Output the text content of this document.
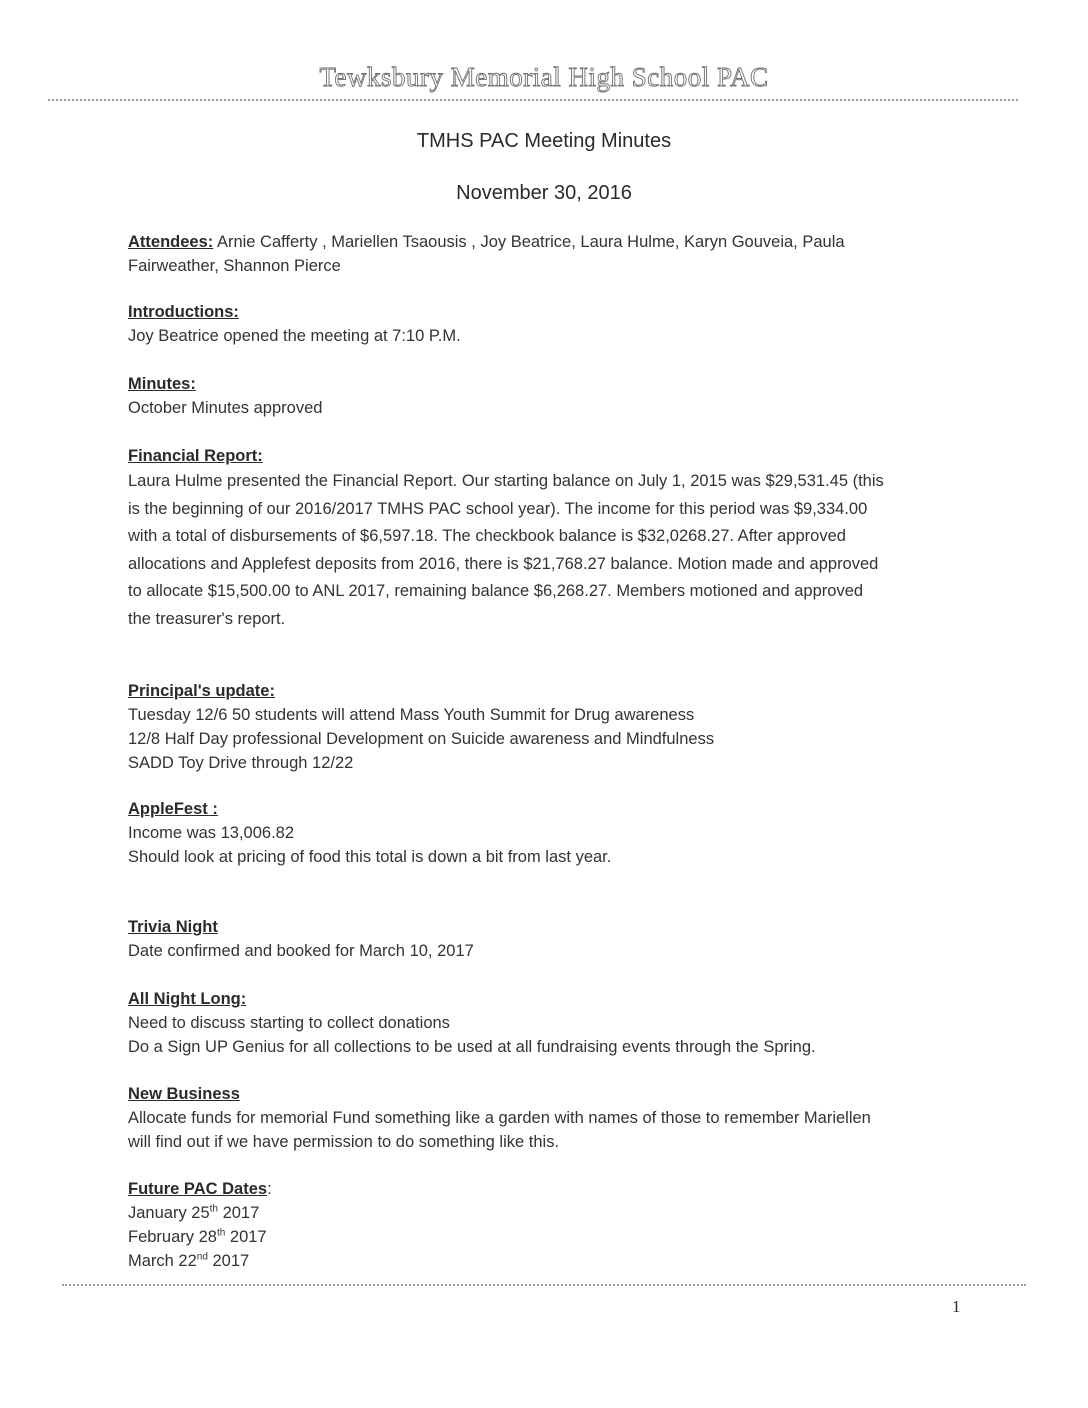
Tewksbury Memorial High School PAC
TMHS PAC Meeting Minutes
November 30, 2016
Attendees: Arnie Cafferty , Mariellen Tsaousis , Joy Beatrice, Laura Hulme, Karyn Gouveia, Paula
Fairweather, Shannon Pierce
Introductions:
Joy Beatrice opened the meeting at 7:10 P.M.
Minutes:
October Minutes approved
Financial Report:
Laura Hulme presented the Financial Report. Our starting balance on July 1, 2015 was $29,531.45 (this
is the beginning of our 2016/2017 TMHS PAC school year). The income for this period was $9,334.00
with a total of disbursements of $6,597.18. The checkbook balance is $32,0268.27. After approved
allocations and Applefest deposits from 2016, there is $21,768.27 balance. Motion made and approved
to allocate $15,500.00 to ANL 2017, remaining balance $6,268.27. Members motioned and approved
the treasurer's report.
Principal's update:
Tuesday 12/6 50 students will attend Mass Youth Summit for Drug awareness
12/8 Half Day professional Development on Suicide awareness and Mindfulness
SADD Toy Drive through 12/22
AppleFest :
Income was 13,006.82
Should look at pricing of food this total is down a bit from last year.
Trivia Night
Date confirmed and booked for March 10, 2017
All Night Long:
Need to discuss starting to collect donations
Do a Sign UP Genius for all collections to be used at all fundraising events through the Spring.
New Business
Allocate funds for memorial Fund something like a garden with names of those to remember Mariellen
will find out if we have permission to do something like this.
Future PAC Dates:
January 25th 2017
February 28th 2017
March 22nd 2017
1
